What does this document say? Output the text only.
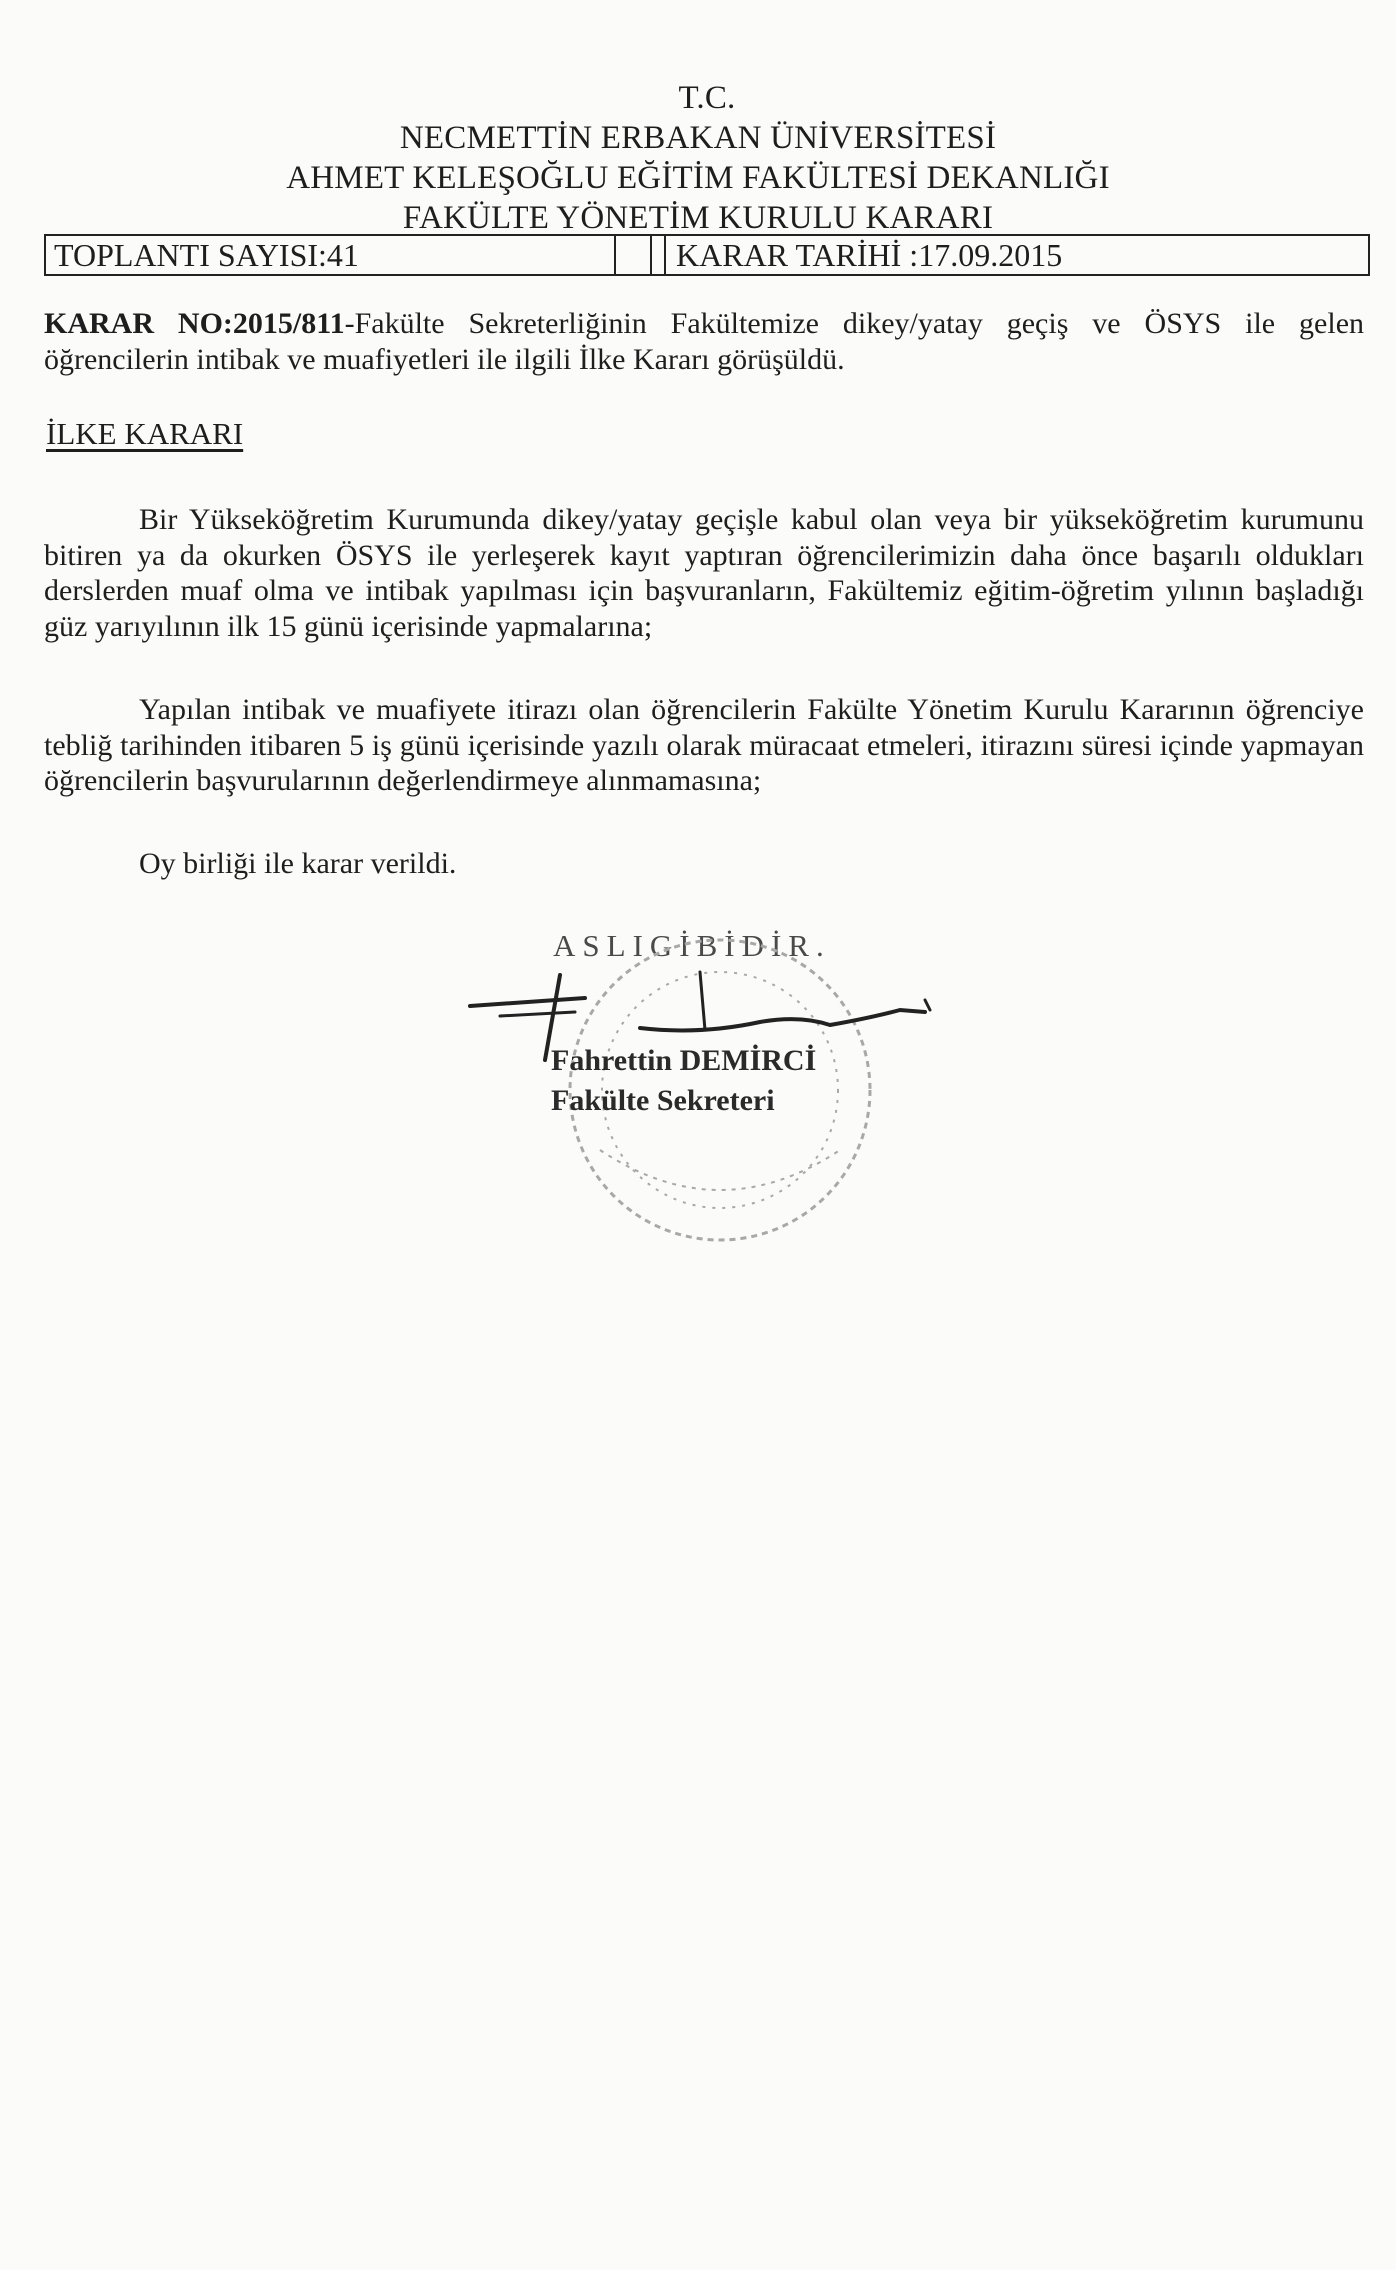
T.C.
NECMETTİN ERBAKAN ÜNİVERSİTESİ
AHMET KELEŞOĞLU EĞİTİM FAKÜLTESİ DEKANLIĞI
FAKÜLTE YÖNETİM KURULU KARARI
TOPLANTI SAYISI:41	KARAR TARİHİ :17.09.2015
KARAR NO:2015/811-Fakülte Sekreterliğinin Fakültemize dikey/yatay geçiş ve ÖSYS ile gelen öğrencilerin intibak ve muafiyetleri ile ilgili İlke Kararı görüşüldü.
İLKE KARARI
Bir Yükseköğretim Kurumunda dikey/yatay geçişle kabul olan veya bir yükseköğretim kurumunu bitiren ya da okurken ÖSYS ile yerleşerek kayıt yaptıran öğrencilerimizin daha önce başarılı oldukları derslerden muaf olma ve intibak yapılması için başvuranların, Fakültemiz eğitim-öğretim yılının başladığı güz yarıyılının ilk 15 günü içerisinde yapmalarına;
Yapılan intibak ve muafiyete itirazı olan öğrencilerin Fakülte Yönetim Kurulu Kararının öğrenciye tebliğ tarihinden itibaren 5 iş günü içerisinde yazılı olarak müracaat etmeleri, itirazını süresi içinde yapmayan öğrencilerin başvurularının değerlendirmeye alınmamasına;
Oy birliği ile karar verildi.
ASLIGİBİDİR.
Fahrettin DEMİRCİ
Fakülte Sekreteri
